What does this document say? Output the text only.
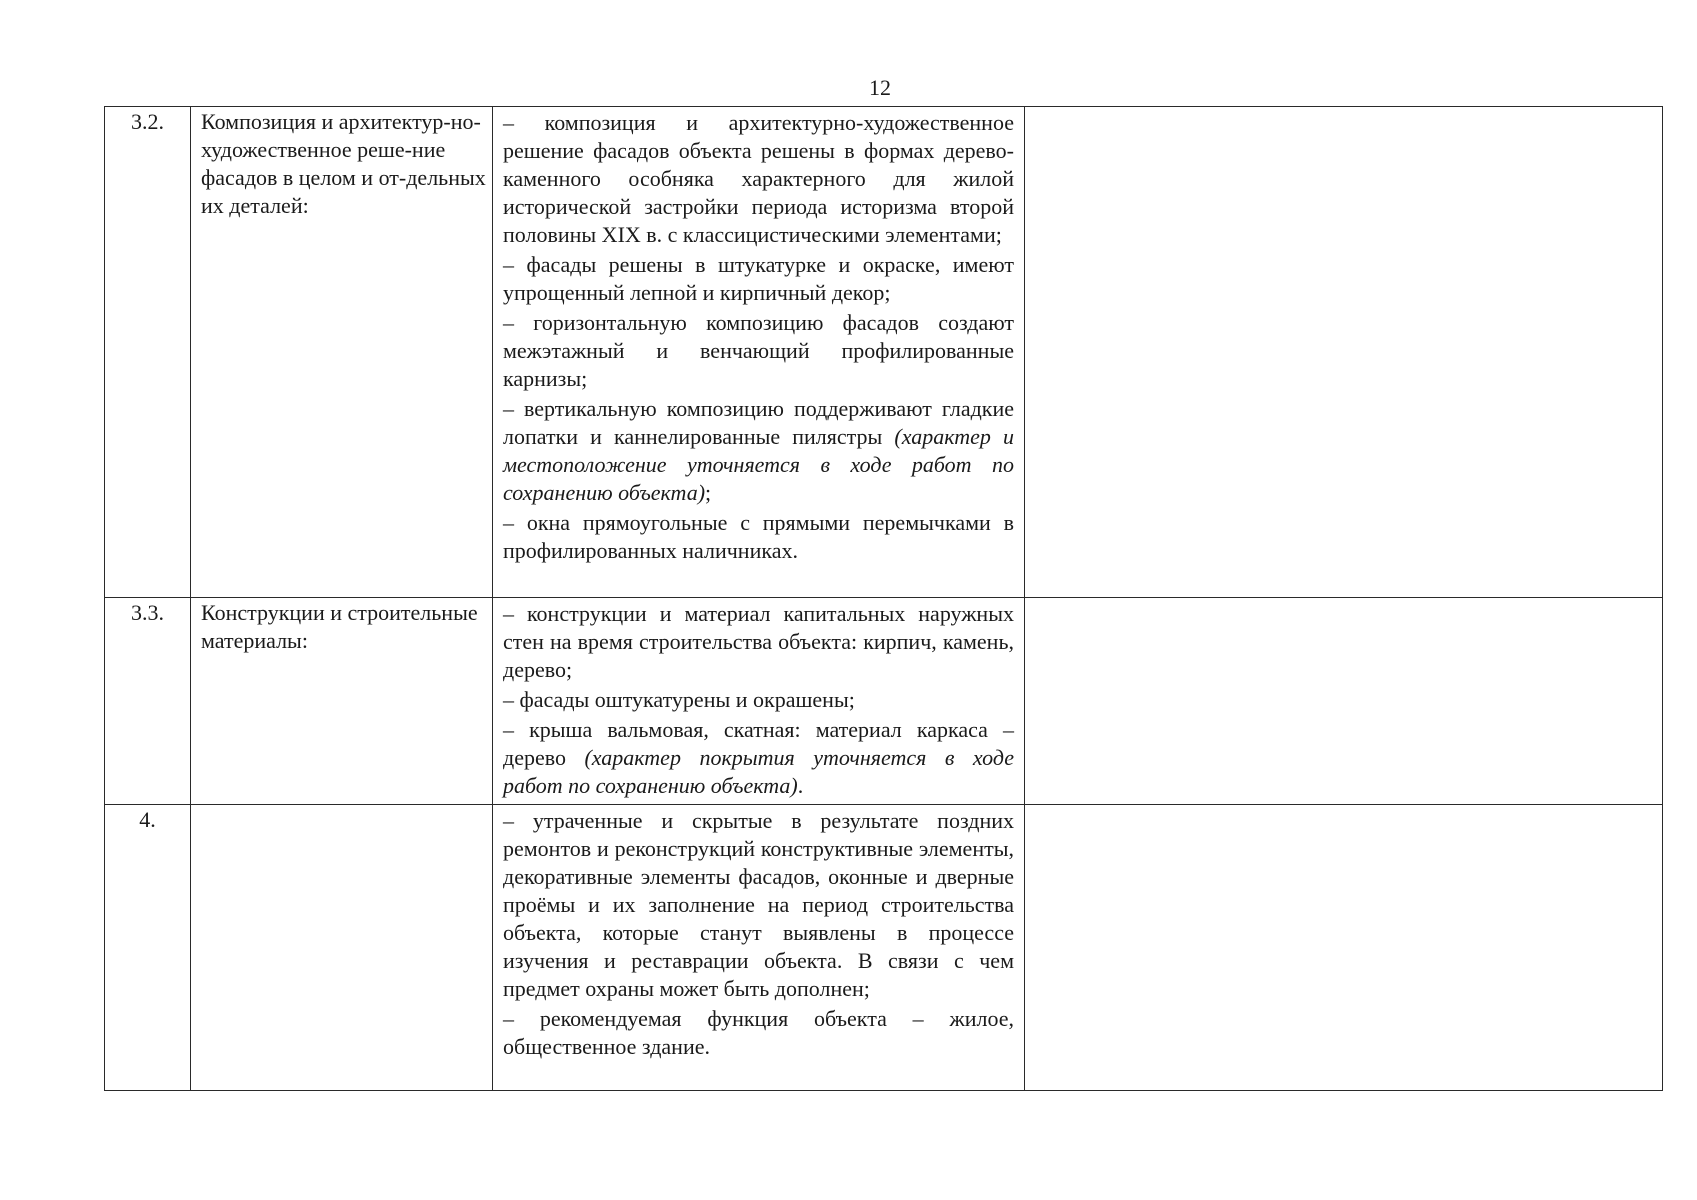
12
3.2.	Композиция и архитектур-но-художественное реше-ние фасадов в целом и от-дельных их деталей:	– композиция и архитектурно-художественное решение фасадов объекта решены в формах дерево-каменного особняка характерного для жилой исторической застройки периода историзма второй половины XIX в. с классицистическими элементами;
– фасады решены в штукатурке и окраске, имеют упрощенный лепной и кирпичный декор;
– горизонтальную композицию фасадов создают межэтажный и венчающий профилированные карнизы;
– вертикальную композицию поддерживают гладкие лопатки и каннелированные пилястры (характер и местоположение уточняется в ходе работ по сохранению объекта);
– окна прямоугольные с прямыми перемычками в профилированных наличниках.	

3.3.	Конструкции и строительные материалы:	– конструкции и материал капитальных наружных стен на время строительства объекта: кирпич, камень, дерево;
– фасады оштукатурены и окрашены;
– крыша вальмовая, скатная: материал каркаса – дерево (характер покрытия уточняется в ходе работ по сохранению объекта).	

4.		– утраченные и скрытые в результате поздних ремонтов и реконструкций конструктивные элементы, декоративные элементы фасадов, оконные и дверные проёмы и их заполнение на период строительства объекта, которые станут выявлены в процессе изучения и реставрации объекта. В связи с чем предмет охраны может быть дополнен;
– рекомендуемая функция объекта – жилое, общественное здание.	
